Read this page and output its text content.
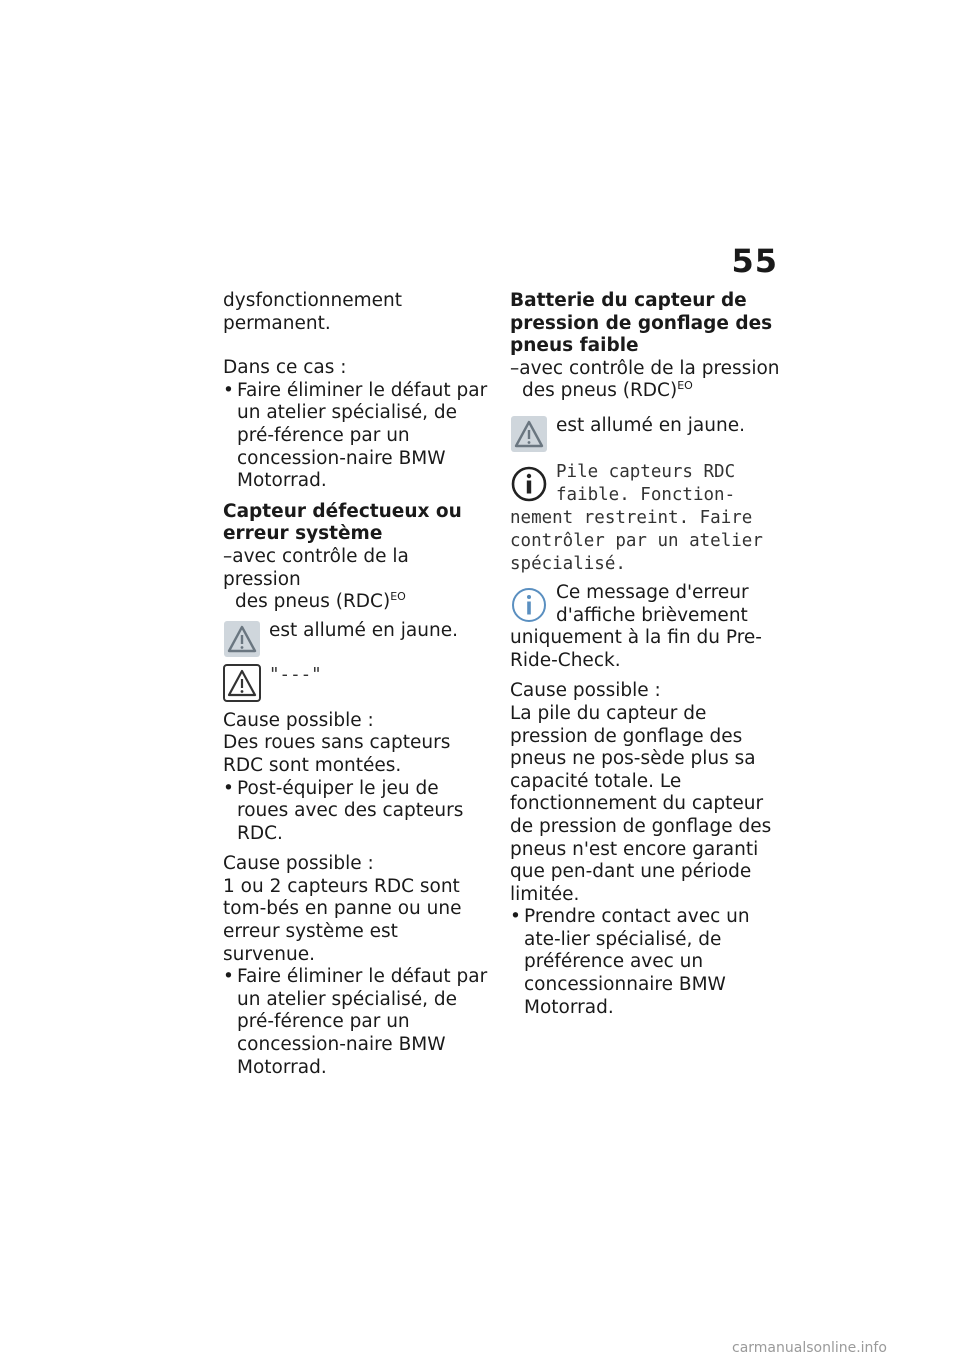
55

dysfonctionnement permanent.

Dans ce cas :

• Faire éliminer le défaut par un atelier spécialisé, de pré-férence par un concession-naire BMW Motorrad.

Capteur défectueux ou erreur système

–avec contrôle de la pression

des pneus (RDC)$^{EO}$

est allumé en jaune.
"---"

Cause possible :

Des roues sans capteurs RDC sont montées.

• Post-équiper le jeu de roues avec des capteurs RDC.

Cause possible :

1 ou 2 capteurs RDC sont tom-bés en panne ou une erreur système est survenue.

• Faire éliminer le défaut par un atelier spécialisé, de pré-férence par un concession-naire BMW Motorrad.

Batterie du capteur de pression de gonflage des pneus faible

–avec contrôle de la pression

des pneus (RDC)$^{EO}$

est allumé en jaune.

Pile capteurs RDC faible. Fonction-nement restreint. Faire contrôler par un atelier spécialisé.

Ce message d'erreur d'affiche brièvement uniquement à la fin du Pre-Ride-Check.

Cause possible :

La pile du capteur de pression de gonflage des pneus ne pos-sède plus sa capacité totale. Le fonctionnement du capteur de pression de gonflage des pneus n'est encore garanti que pen-dant une période limitée.

• Prendre contact avec un ate-lier spécialisé, de préférence avec un concessionnaire BMW Motorrad.

carmanualsonline.info
